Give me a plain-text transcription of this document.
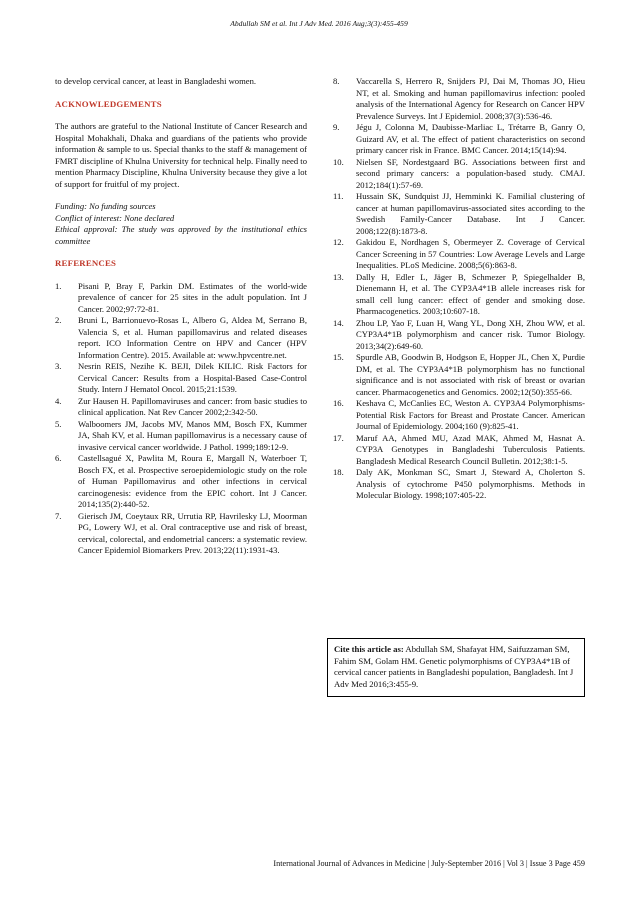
Abdullah SM et al. Int J Adv Med. 2016 Aug;3(3):455-459

to develop cervical cancer, at least in Bangladeshi women.

ACKNOWLEDGEMENTS

The authors are grateful to the National Institute of Cancer Research and Hospital Mohakhali, Dhaka and guardians of the patients who provide information & sample to us. Special thanks to the staff & management of FMRT discipline of Khulna University for technical help. Finally need to mention Pharmacy Discipline, Khulna University because they give a lot of support for fruitful of my project.

Funding: No funding sources

Conflict of interest: None declared

Ethical approval: The study was approved by the institutional ethics committee

REFERENCES

1.	Pisani P, Bray F, Parkin DM. Estimates of the world-wide prevalence of cancer for 25 sites in the adult population. Int J Cancer. 2002;97:72-81.
2.	Bruni L, Barrionuevo-Rosas L, Albero G, Aldea M, Serrano B, Valencia S, et al. Human papillomavirus and related diseases report. ICO Information Centre on HPV and Cancer (HPV Information Centre). 2015. Available at: www.hpvcentre.net.
3.	Nesrin REIS, Nezihe K. BEJI, Dilek KILIC. Risk Factors for Cervical Cancer: Results from a Hospital-Based Case-Control Study. Intern J Hematol Oncol. 2015;21:1539.
4.	Zur Hausen H. Papillomaviruses and cancer: from basic studies to clinical application. Nat Rev Cancer 2002;2:342-50.
5.	Walboomers JM, Jacobs MV, Manos MM, Bosch FX, Kummer JA, Shah KV, et al. Human papillomavirus is a necessary cause of invasive cervical cancer worldwide. J Pathol. 1999;189:12-9.
6.	Castellsagué X, Pawlita M, Roura E, Margall N, Waterboer T, Bosch FX, et al. Prospective seroepidemiologic study on the role of Human Papillomavirus and other infections in cervical carcinogenesis: evidence from the EPIC cohort. Int J Cancer. 2014;135(2):440-52.
7.	Gierisch JM, Coeytaux RR, Urrutia RP, Havrilesky LJ, Moorman PG, Lowery WJ, et al. Oral contraceptive use and risk of breast, cervical, colorectal, and endometrial cancers: a systematic review. Cancer Epidemiol Biomarkers Prev. 2013;22(11):1931-43.
8.	Vaccarella S, Herrero R, Snijders PJ, Dai M, Thomas JO, Hieu NT, et al. Smoking and human papillomavirus infection: pooled analysis of the International Agency for Research on Cancer HPV Prevalence Surveys. Int J Epidemiol. 2008;37(3):536-46.
9.	Jégu J, Colonna M, Daubisse-Marliac L, Trétarre B, Ganry O, Guizard AV, et al. The effect of patient characteristics on second primary cancer risk in France. BMC Cancer. 2014;15(14):94.
10.	Nielsen SF, Nordestgaard BG. Associations between first and second primary cancers: a population-based study. CMAJ. 2012;184(1):57-69.
11.	Hussain SK, Sundquist JJ, Hemminki K. Familial clustering of cancer at human papillomavirus-associated sites according to the Swedish Family-Cancer Database. Int J Cancer. 2008;122(8):1873-8.
12.	Gakidou E, Nordhagen S, Obermeyer Z. Coverage of Cervical Cancer Screening in 57 Countries: Low Average Levels and Large Inequalities. PLoS Medicine. 2008;5(6):863-8.
13.	Dally H, Edler L, Jäger B, Schmezer P, Spiegelhalder B, Dienemann H, et al. The CYP3A4*1B allele increases risk for small cell lung cancer: effect of gender and smoking dose. Pharmacogenetics. 2003;10:607-18.
14.	Zhou LP, Yao F, Luan H, Wang YL, Dong XH, Zhou WW, et al. CYP3A4*1B polymorphism and cancer risk. Tumor Biology. 2013;34(2):649-60.
15.	Spurdle AB, Goodwin B, Hodgson E, Hopper JL, Chen X, Purdie DM, et al. The CYP3A4*1B polymorphism has no functional significance and is not associated with risk of breast or ovarian cancer. Pharmacogenetics and Genomics. 2002;12(50):355-66.
16.	Keshava C, McCanlies EC, Weston A. CYP3A4 Polymorphisms-Potential Risk Factors for Breast and Prostate Cancer. American Journal of Epidemiology. 2004;160 (9):825-41.
17.	Maruf AA, Ahmed MU, Azad MAK, Ahmed M, Hasnat A. CYP3A Genotypes in Bangladeshi Tuberculosis Patients. Bangladesh Medical Research Council Bulletin. 2012;38:1-5.
18.	Daly AK, Monkman SC, Smart J, Steward A, Cholerton S. Analysis of cytochrome P450 polymorphisms. Methods in Molecular Biology. 1998;107:405-22.
Cite this article as: Abdullah SM, Shafayat HM, Saifuzzaman SM, Fahim SM, Golam HM. Genetic polymorphisms of CYP3A4*1B of cervical cancer patients in Bangladeshi population, Bangladesh. Int J Adv Med 2016;3:455-9.
International Journal of Advances in Medicine | July-September 2016 | Vol 3 | Issue 3 Page 459
